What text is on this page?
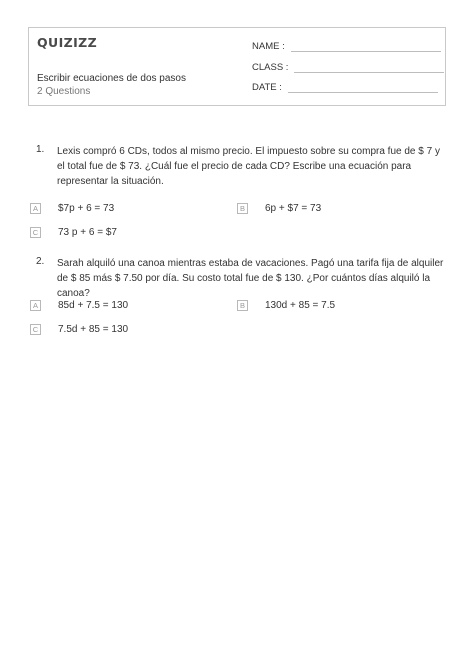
QUIZIZZ
Escribir ecuaciones de dos pasos
2 Questions
NAME :
CLASS :
DATE :
1. Lexis compró 6 CDs, todos al mismo precio. El impuesto sobre su compra fue de $ 7 y el total fue de $ 73. ¿Cuál fue el precio de cada CD? Escribe una ecuación para representar la situación.
A	$7p + 6 = 73	B	6p + $7 = 73
C 73 p + 6 = $7
2. Sarah alquiló una canoa mientras estaba de vacaciones. Pagó una tarifa fija de alquiler de $ 85 más $ 7.50 por día. Su costo total fue de $ 130. ¿Por cuántos días alquiló la canoa?
A	85d + 7.5 = 130	B	130d + 85 = 7.5
C 7.5d + 85 = 130
